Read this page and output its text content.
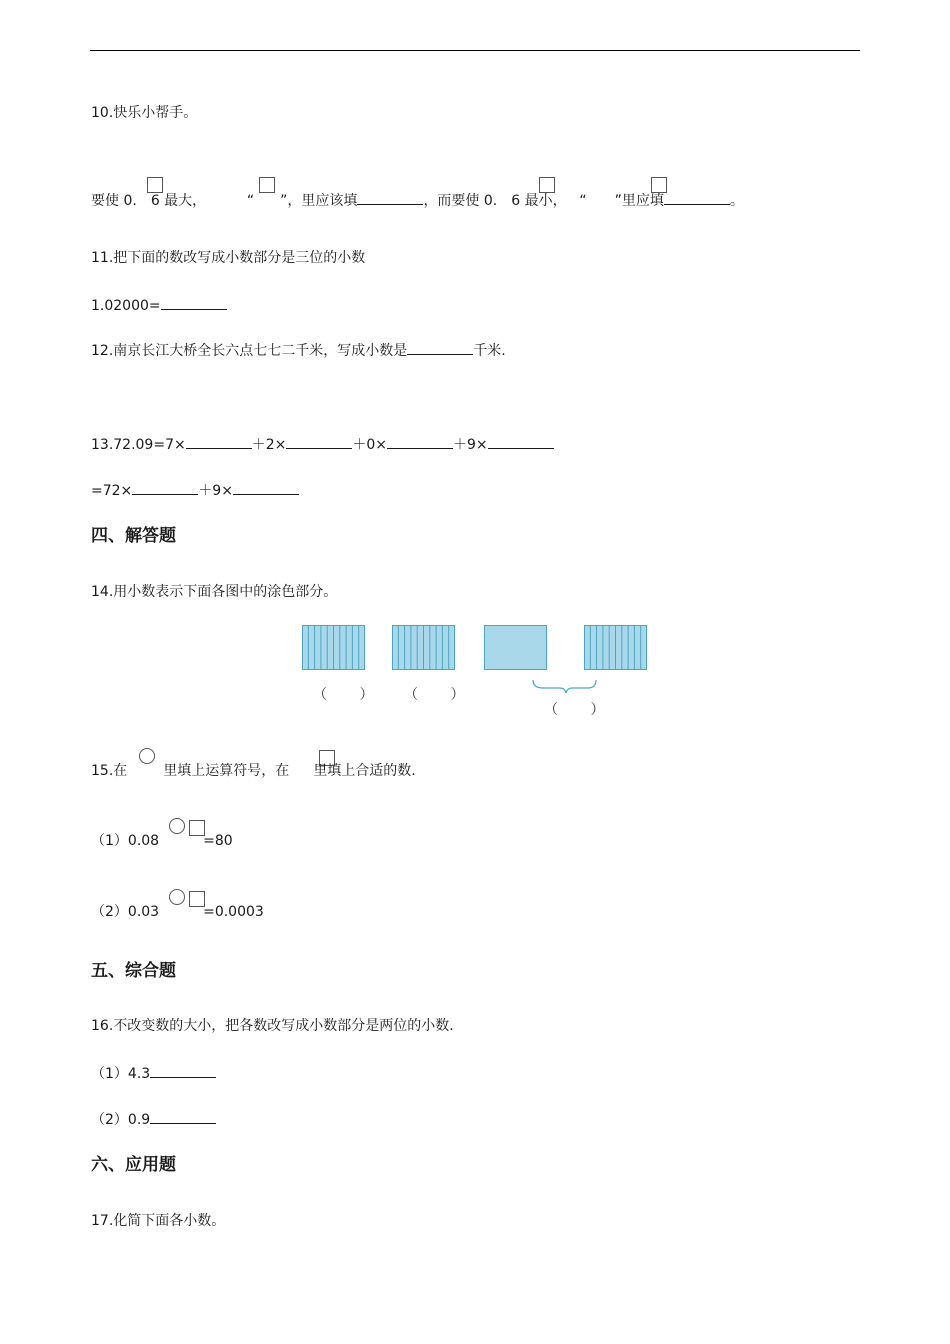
10.快乐小帮手。
要使 0. 6 最大，	“ ”，里应该填	，而要使 0. 6 最小， “ ”里应填	。
11.把下面的数改写成小数部分是三位的小数
1.02000=
12.南京长江大桥全长六点七七二千米，写成小数是	千米.
13.72.09=7×	＋2×	＋0×	＋9×
=72×	＋9×
四、解答题
14.用小数表示下面各图中的涂色部分。
（ ） （ ）
（ ）
15.在	里填上运算符号，在 里填上合适的数.
（1）0.08	=80
（2）0.03	=0.0003
五、综合题
16.不改变数的大小，把各数改写成小数部分是两位的小数.
（1）4.3
（2）0.9
六、应用题
17.化简下面各小数。
